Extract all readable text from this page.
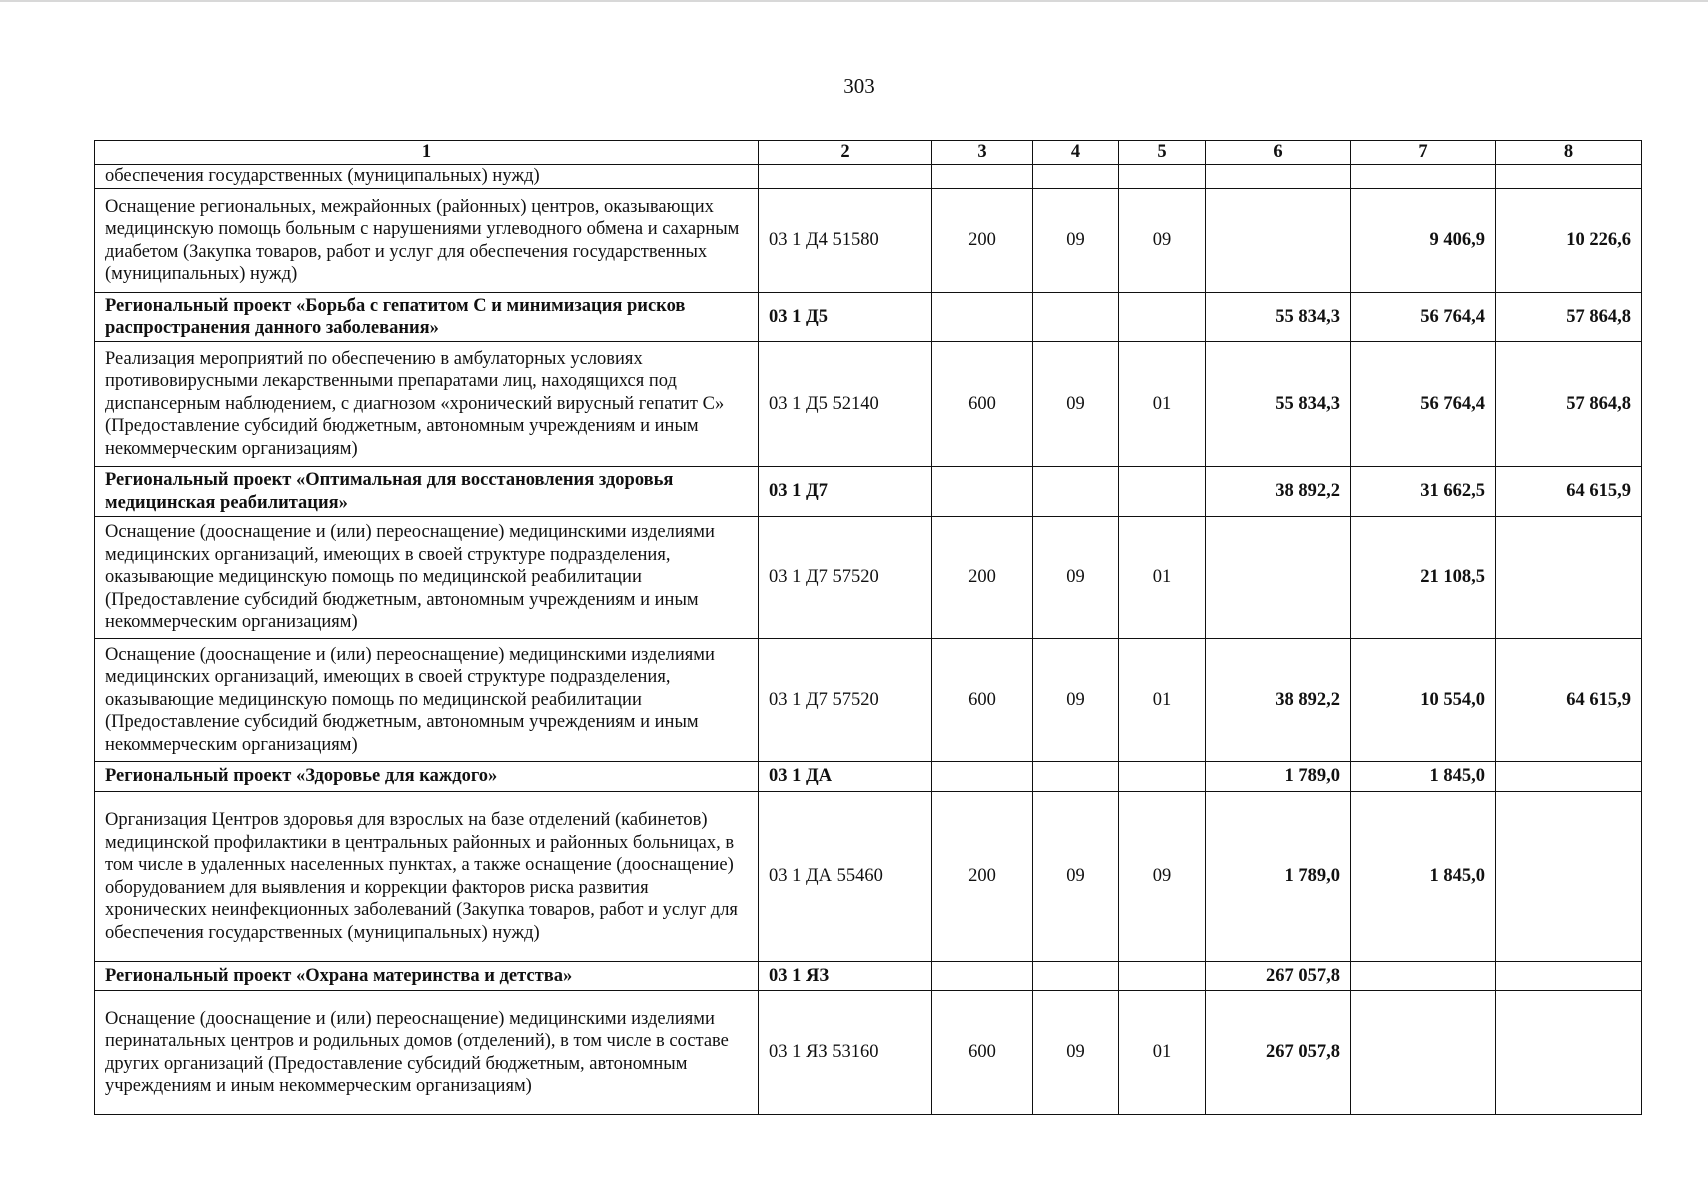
303
1	2	3	4	5	6	7	8
обеспечения государственных (муниципальных) нужд)							
Оснащение региональных, межрайонных (районных) центров, оказывающих медицинскую помощь больным с нарушениями углеводного обмена и сахарным диабетом (Закупка товаров, работ и услуг для обеспечения государственных (муниципальных) нужд)	03 1 Д4 51580	200	09	09		9 406,9	10 226,6
Региональный проект «Борьба с гепатитом С и минимизация рисков распространения данного заболевания»	03 1 Д5				55 834,3	56 764,4	57 864,8
Реализация мероприятий по обеспечению в амбулаторных условиях противовирусными лекарственными препаратами лиц, находящихся под диспансерным наблюдением, с диагнозом «хронический вирусный гепатит С» (Предоставление субсидий бюджетным, автономным учреждениям и иным некоммерческим организациям)	03 1 Д5 52140	600	09	01	55 834,3	56 764,4	57 864,8
Региональный проект «Оптимальная для восстановления здоровья медицинская реабилитация»	03 1 Д7				38 892,2	31 662,5	64 615,9
Оснащение (дооснащение и (или) переоснащение) медицинскими изделиями медицинских организаций, имеющих в своей структуре подразделения, оказывающие медицинскую помощь по медицинской реабилитации (Предоставление субсидий бюджетным, автономным учреждениям и иным некоммерческим организациям)	03 1 Д7 57520	200	09	01		21 108,5	
Оснащение (дооснащение и (или) переоснащение) медицинскими изделиями медицинских организаций, имеющих в своей структуре подразделения, оказывающие медицинскую помощь по медицинской реабилитации (Предоставление субсидий бюджетным, автономным учреждениям и иным некоммерческим организациям)	03 1 Д7 57520	600	09	01	38 892,2	10 554,0	64 615,9
Региональный проект «Здоровье для каждого»	03 1 ДА				1 789,0	1 845,0	
Организация Центров здоровья для взрослых на базе отделений (кабинетов) медицинской профилактики в центральных районных и районных больницах, в том числе в удаленных населенных пунктах, а также оснащение (дооснащение) оборудованием для выявления и коррекции факторов риска развития хронических неинфекционных заболеваний (Закупка товаров, работ и услуг для обеспечения государственных (муниципальных) нужд)	03 1 ДА 55460	200	09	09	1 789,0	1 845,0	
Региональный проект «Охрана материнства и детства»	03 1 ЯЗ				267 057,8		
Оснащение (дооснащение и (или) переоснащение) медицинскими изделиями перинатальных центров и родильных домов (отделений), в том числе в составе других организаций (Предоставление субсидий бюджетным, автономным учреждениям и иным некоммерческим организациям)	03 1 ЯЗ 53160	600	09	01	267 057,8		
